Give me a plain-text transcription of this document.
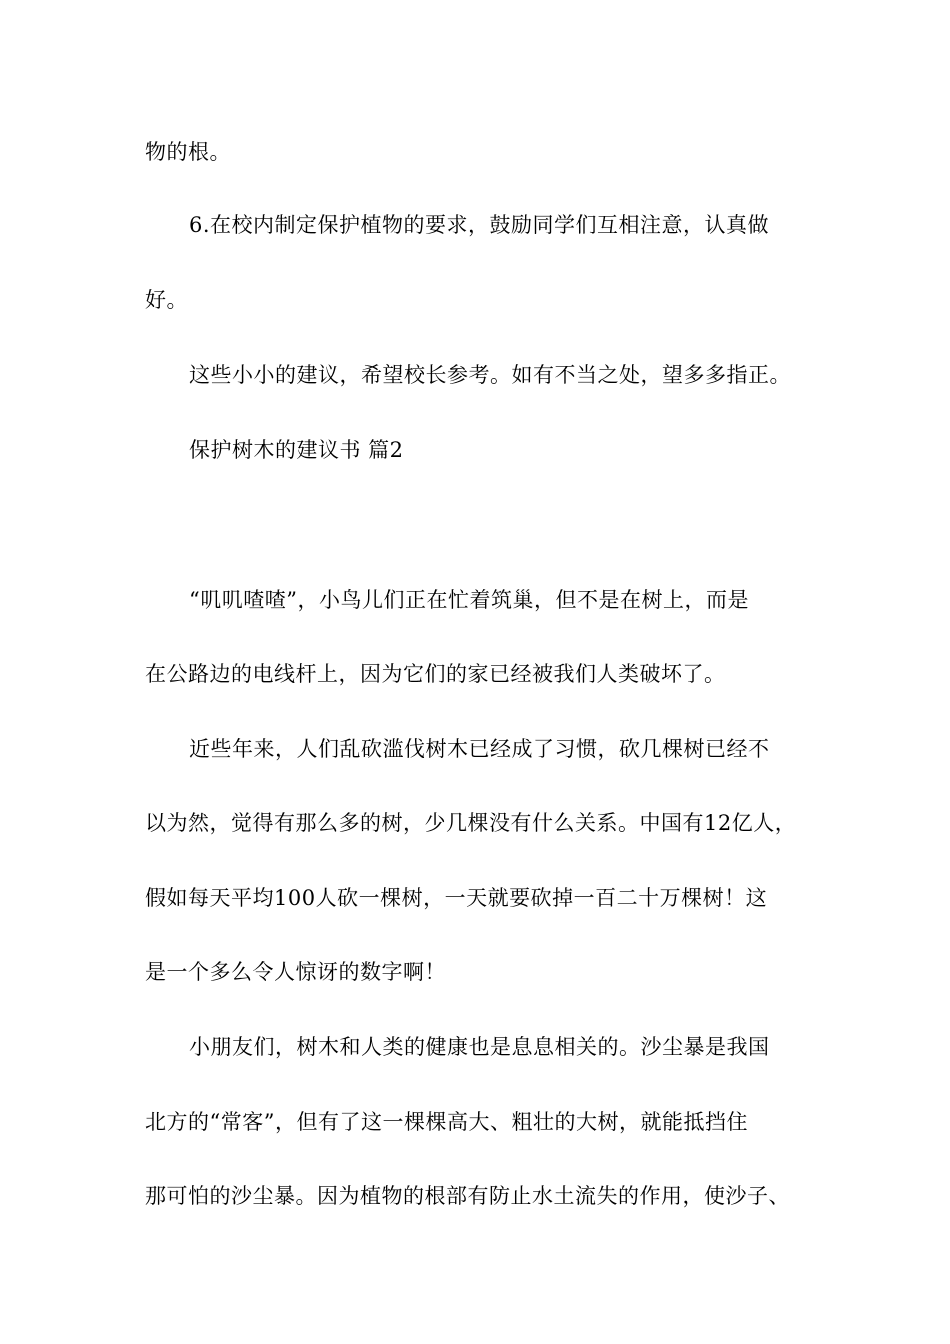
物的根。
6.在校内制定保护植物的要求，鼓励同学们互相注意，认真做
好。
这些小小的建议，希望校长参考。如有不当之处，望多多指正。
保护树木的建议书 篇2
“叽叽喳喳”，小鸟儿们正在忙着筑巢，但不是在树上，而是
在公路边的电线杆上，因为它们的家已经被我们人类破坏了。
近些年来，人们乱砍滥伐树木已经成了习惯，砍几棵树已经不
以为然，觉得有那么多的树，少几棵没有什么关系。中国有12亿人，
假如每天平均100人砍一棵树，一天就要砍掉一百二十万棵树！这
是一个多么令人惊讶的数字啊！
小朋友们，树木和人类的健康也是息息相关的。沙尘暴是我国
北方的“常客”，但有了这一棵棵高大、粗壮的大树，就能抵挡住
那可怕的沙尘暴。因为植物的根部有防止水土流失的作用，使沙子、
